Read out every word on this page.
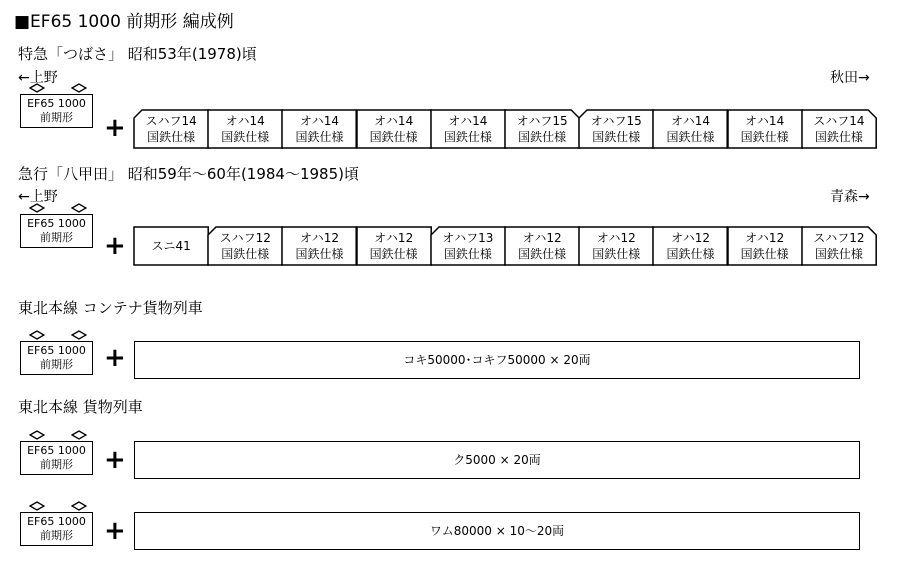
■EF65 1000 前期形 編成例
特急「つばさ」 昭和53年(1978)頃
←上野	秋田→
EF65 1000
前期形	+	スハフ14
国鉄仕様
オハ14
国鉄仕様
オハ14
国鉄仕様
オハ14
国鉄仕様
オハ14
国鉄仕様
オハフ15
国鉄仕様
オハフ15
国鉄仕様
オハ14
国鉄仕様
オハ14
国鉄仕様
スハフ14
国鉄仕様
急行「八甲田」 昭和59年～60年(1984～1985)頃
←上野	青森→
EF65 1000
前期形	+	スニ41
スハフ12
国鉄仕様
オハ12
国鉄仕様
オハ12
国鉄仕様
オハフ13
国鉄仕様
オハ12
国鉄仕様
オハ12
国鉄仕様
オハ12
国鉄仕様
オハ12
国鉄仕様
スハフ12
国鉄仕様
東北本線 コンテナ貨物列車
EF65 1000
前期形	+	コキ50000･コキフ50000 × 20両
東北本線 貨物列車
EF65 1000
前期形	+	ク5000 × 20両
EF65 1000
前期形	+	ワム80000 × 10～20両
